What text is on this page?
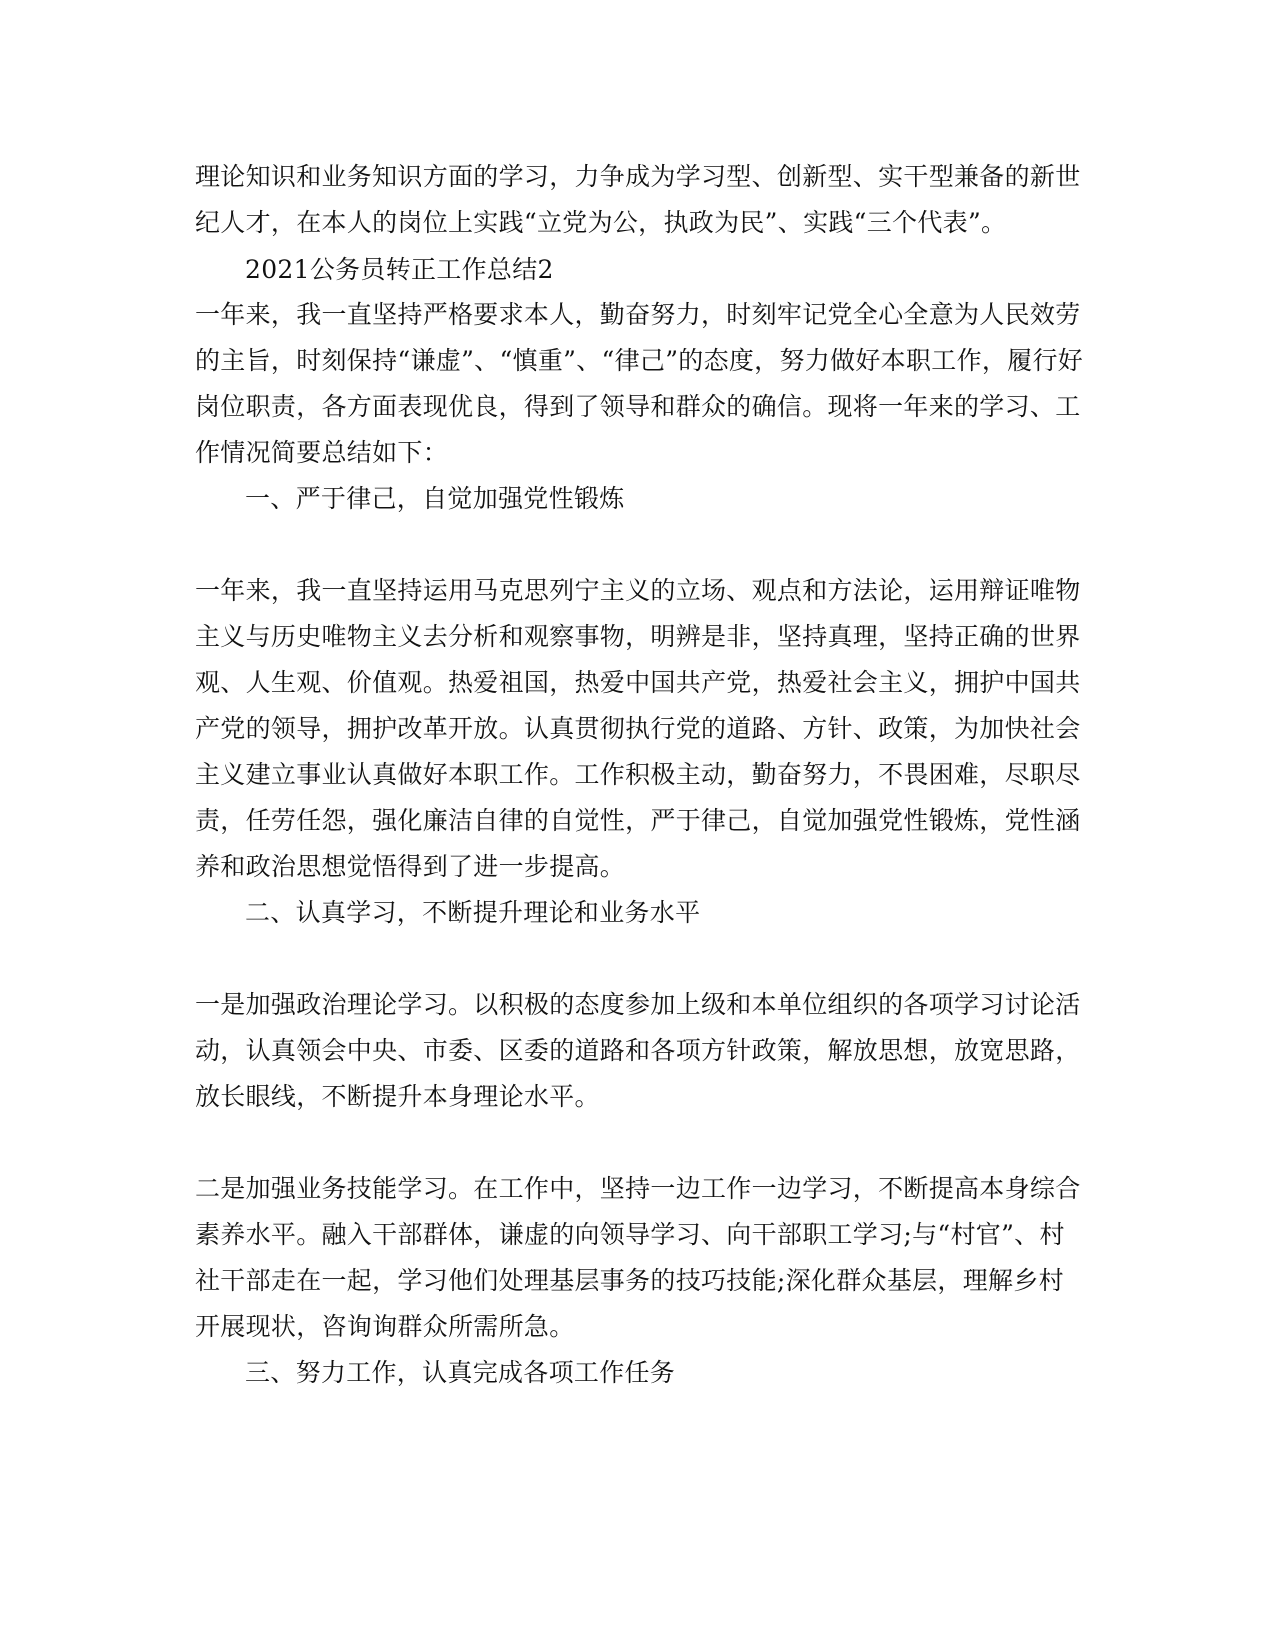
理论知识和业务知识方面的学习，力争成为学习型、创新型、实干型兼备的新世
纪人才，在本人的岗位上实践“立党为公，执政为民”、实践“三个代表”。
2021公务员转正工作总结2
一年来，我一直坚持严格要求本人，勤奋努力，时刻牢记党全心全意为人民效劳
的主旨，时刻保持“谦虚”、“慎重”、“律己”的态度，努力做好本职工作，履行好
岗位职责，各方面表现优良，得到了领导和群众的确信。现将一年来的学习、工
作情况简要总结如下：
一、严于律己，自觉加强党性锻炼
一年来，我一直坚持运用马克思列宁主义的立场、观点和方法论，运用辩证唯物
主义与历史唯物主义去分析和观察事物，明辨是非，坚持真理，坚持正确的世界
观、人生观、价值观。热爱祖国，热爱中国共产党，热爱社会主义，拥护中国共
产党的领导，拥护改革开放。认真贯彻执行党的道路、方针、政策，为加快社会
主义建立事业认真做好本职工作。工作积极主动，勤奋努力，不畏困难，尽职尽
责，任劳任怨，强化廉洁自律的自觉性，严于律己，自觉加强党性锻炼，党性涵
养和政治思想觉悟得到了进一步提高。
二、认真学习，不断提升理论和业务水平
一是加强政治理论学习。以积极的态度参加上级和本单位组织的各项学习讨论活
动，认真领会中央、市委、区委的道路和各项方针政策，解放思想，放宽思路，
放长眼线，不断提升本身理论水平。
二是加强业务技能学习。在工作中，坚持一边工作一边学习，不断提高本身综合
素养水平。融入干部群体，谦虚的向领导学习、向干部职工学习;与“村官”、村
社干部走在一起，学习他们处理基层事务的技巧技能;深化群众基层，理解乡村
开展现状，咨询询群众所需所急。
三、努力工作，认真完成各项工作任务
